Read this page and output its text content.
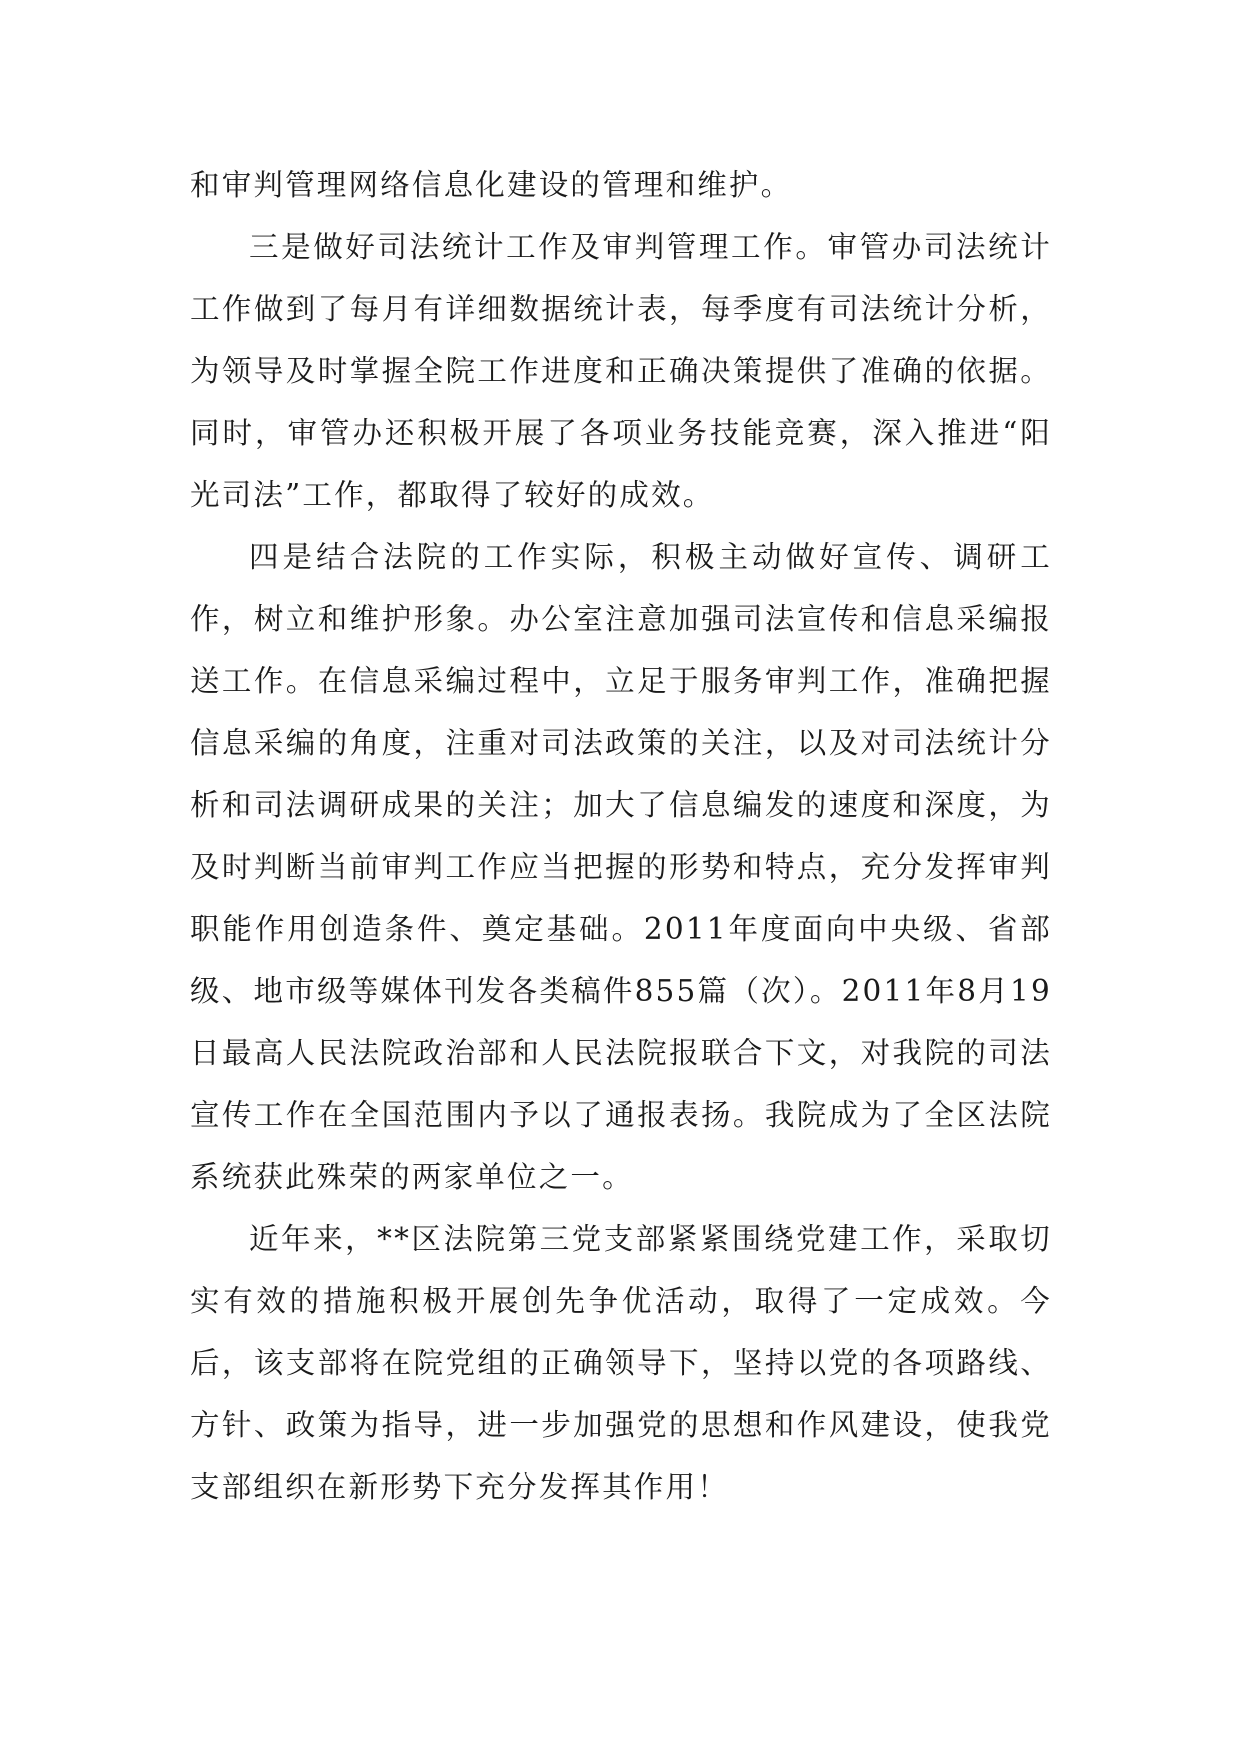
和审判管理网络信息化建设的管理和维护。

三是做好司法统计工作及审判管理工作。审管办司法统计工作做到了每月有详细数据统计表，每季度有司法统计分析，为领导及时掌握全院工作进度和正确决策提供了准确的依据。同时，审管办还积极开展了各项业务技能竞赛，深入推进“阳光司法”工作，都取得了较好的成效。

四是结合法院的工作实际，积极主动做好宣传、调研工作，树立和维护形象。办公室注意加强司法宣传和信息采编报送工作。在信息采编过程中，立足于服务审判工作，准确把握信息采编的角度，注重对司法政策的关注，以及对司法统计分析和司法调研成果的关注；加大了信息编发的速度和深度，为及时判断当前审判工作应当把握的形势和特点，充分发挥审判职能作用创造条件、奠定基础。2011年度面向中央级、省部级、地市级等媒体刊发各类稿件855篇（次）。2011年8月19日最高人民法院政治部和人民法院报联合下文，对我院的司法宣传工作在全国范围内予以了通报表扬。我院成为了全区法院系统获此殊荣的两家单位之一。

近年来，**区法院第三党支部紧紧围绕党建工作，采取切实有效的措施积极开展创先争优活动，取得了一定成效。今后，该支部将在院党组的正确领导下，坚持以党的各项路线、方针、政策为指导，进一步加强党的思想和作风建设，使我党支部组织在新形势下充分发挥其作用！
